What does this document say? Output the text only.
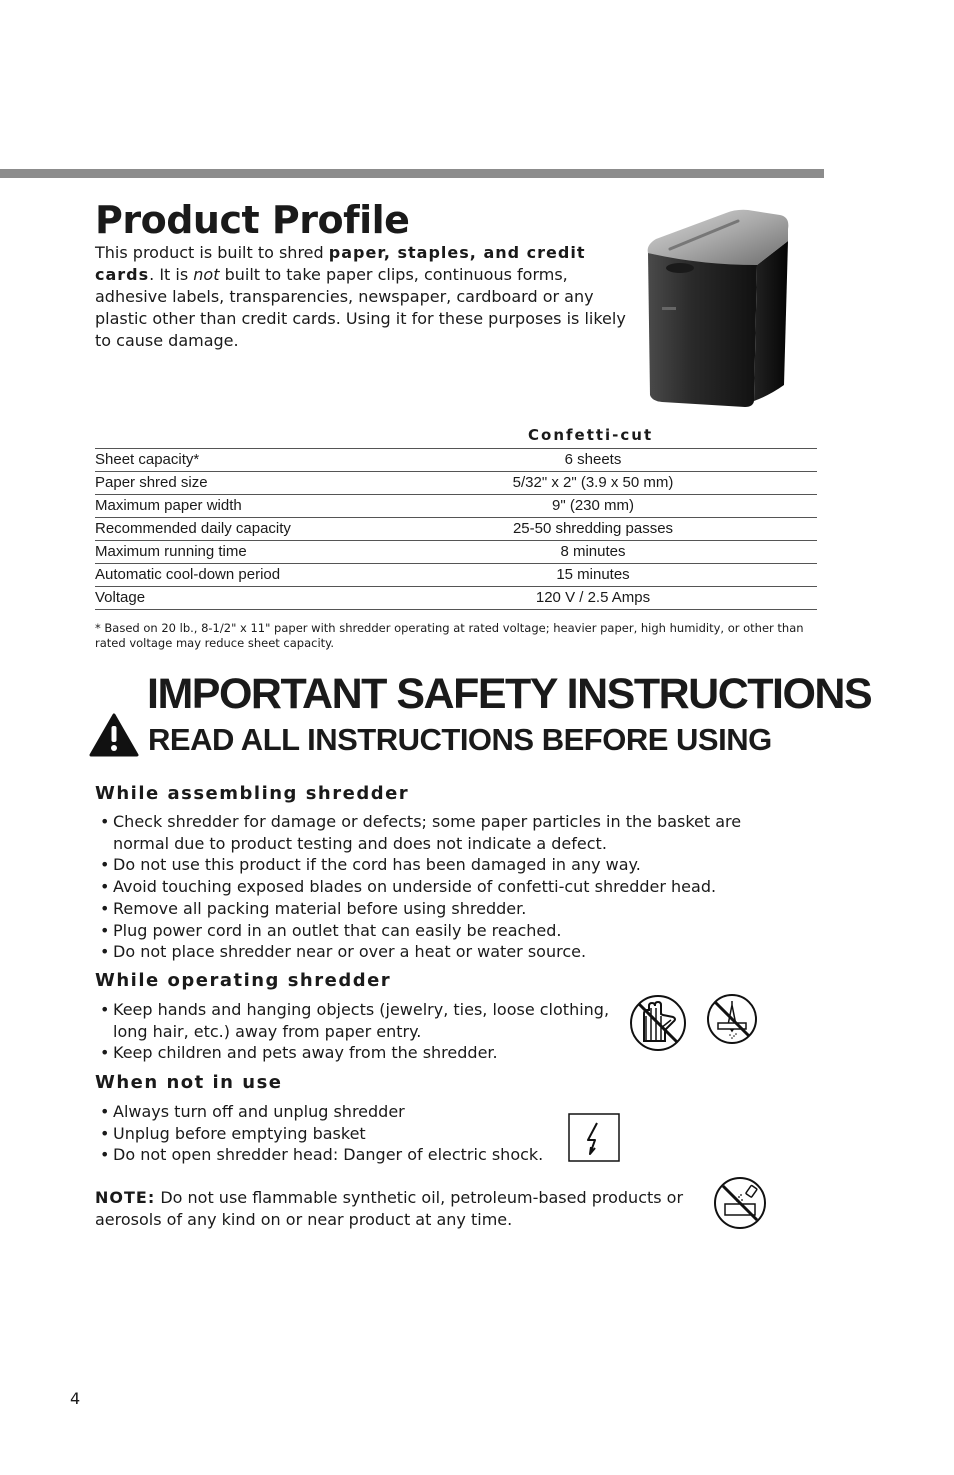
Product Profile

This product is built to shred paper, staples, and credit cards. It is not built to take paper clips, continuous forms, adhesive labels, transparencies, newspaper, cardboard or any plastic other than credit cards. Using it for these purposes is likely to cause damage.

Confetti-cut
Sheet capacity*	6 sheets
Paper shred size	5/32" x 2" (3.9 x 50 mm)
Maximum paper width	9" (230 mm)
Recommended daily capacity	25-50 shredding passes
Maximum running time	8 minutes
Automatic cool-down period	15 minutes
Voltage	120 V / 2.5 Amps

* Based on 20 lb., 8-1/2" x 11" paper with shredder operating at rated voltage; heavier paper, high humidity, or other than rated voltage may reduce sheet capacity.

IMPORTANT SAFETY INSTRUCTIONS
READ ALL INSTRUCTIONS BEFORE USING
While assembling shredder
• Check shredder for damage or defects; some paper particles in the basket are normal due to product testing and does not indicate a defect.
• Do not use this product if the cord has been damaged in any way.
• Avoid touching exposed blades on underside of confetti-cut shredder head.
• Remove all packing material before using shredder.
• Plug power cord in an outlet that can easily be reached.
• Do not place shredder near or over a heat or water source.
While operating shredder
• Keep hands and hanging objects (jewelry, ties, loose clothing, long hair, etc.) away from paper entry.
• Keep children and pets away from the shredder.
When not in use
• Always turn off and unplug shredder
• Unplug before emptying basket
• Do not open shredder head: Danger of electric shock.

NOTE: Do not use flammable synthetic oil, petroleum-based products or aerosols of any kind on or near product at any time.

4
